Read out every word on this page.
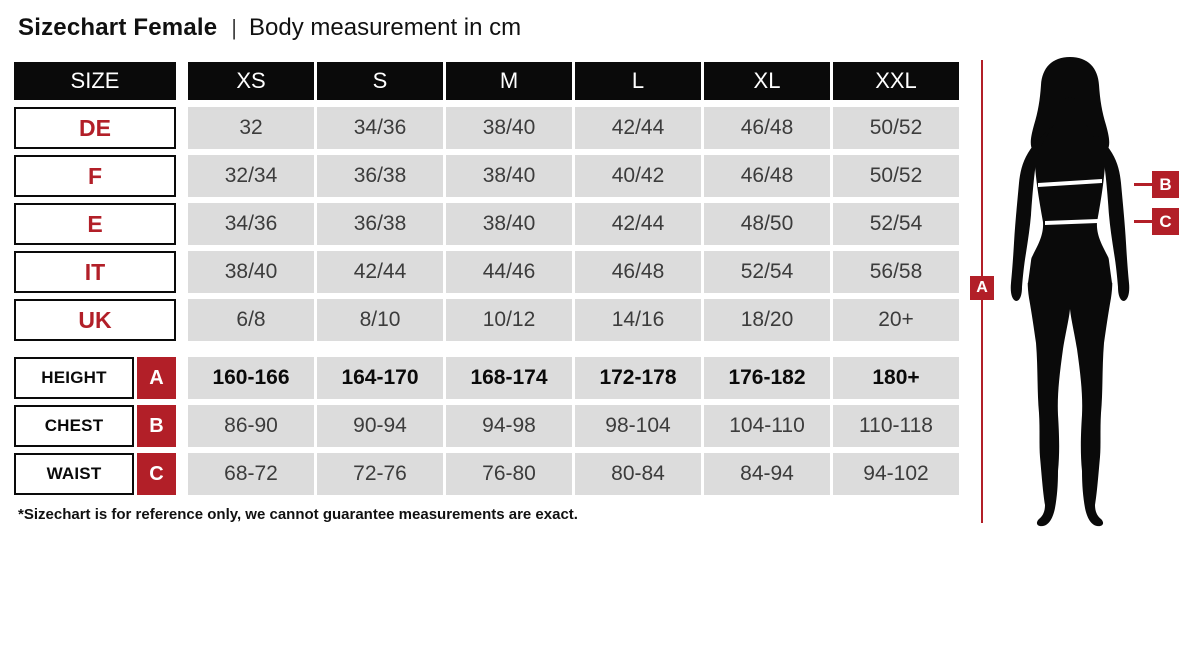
Sizechart Female | Body measurement in cm
SIZE	XS	S	M	L	XL	XXL
DE	32	34/36	38/40	42/44	46/48	50/52
F	32/34	36/38	38/40	40/42	46/48	50/52
E	34/36	36/38	38/40	42/44	48/50	52/54
IT	38/40	42/44	44/46	46/48	52/54	56/58
UK	6/8	8/10	10/12	14/16	18/20	20+
HEIGHT	A	160-166	164-170	168-174	172-178	176-182	180+
CHEST	B	86-90	90-94	94-98	98-104	104-110	110-118
WAIST	C	68-72	72-76	76-80	80-84	84-94	94-102
*Sizechart is for reference only, we cannot guarantee measurements are exact.
A
B
C
